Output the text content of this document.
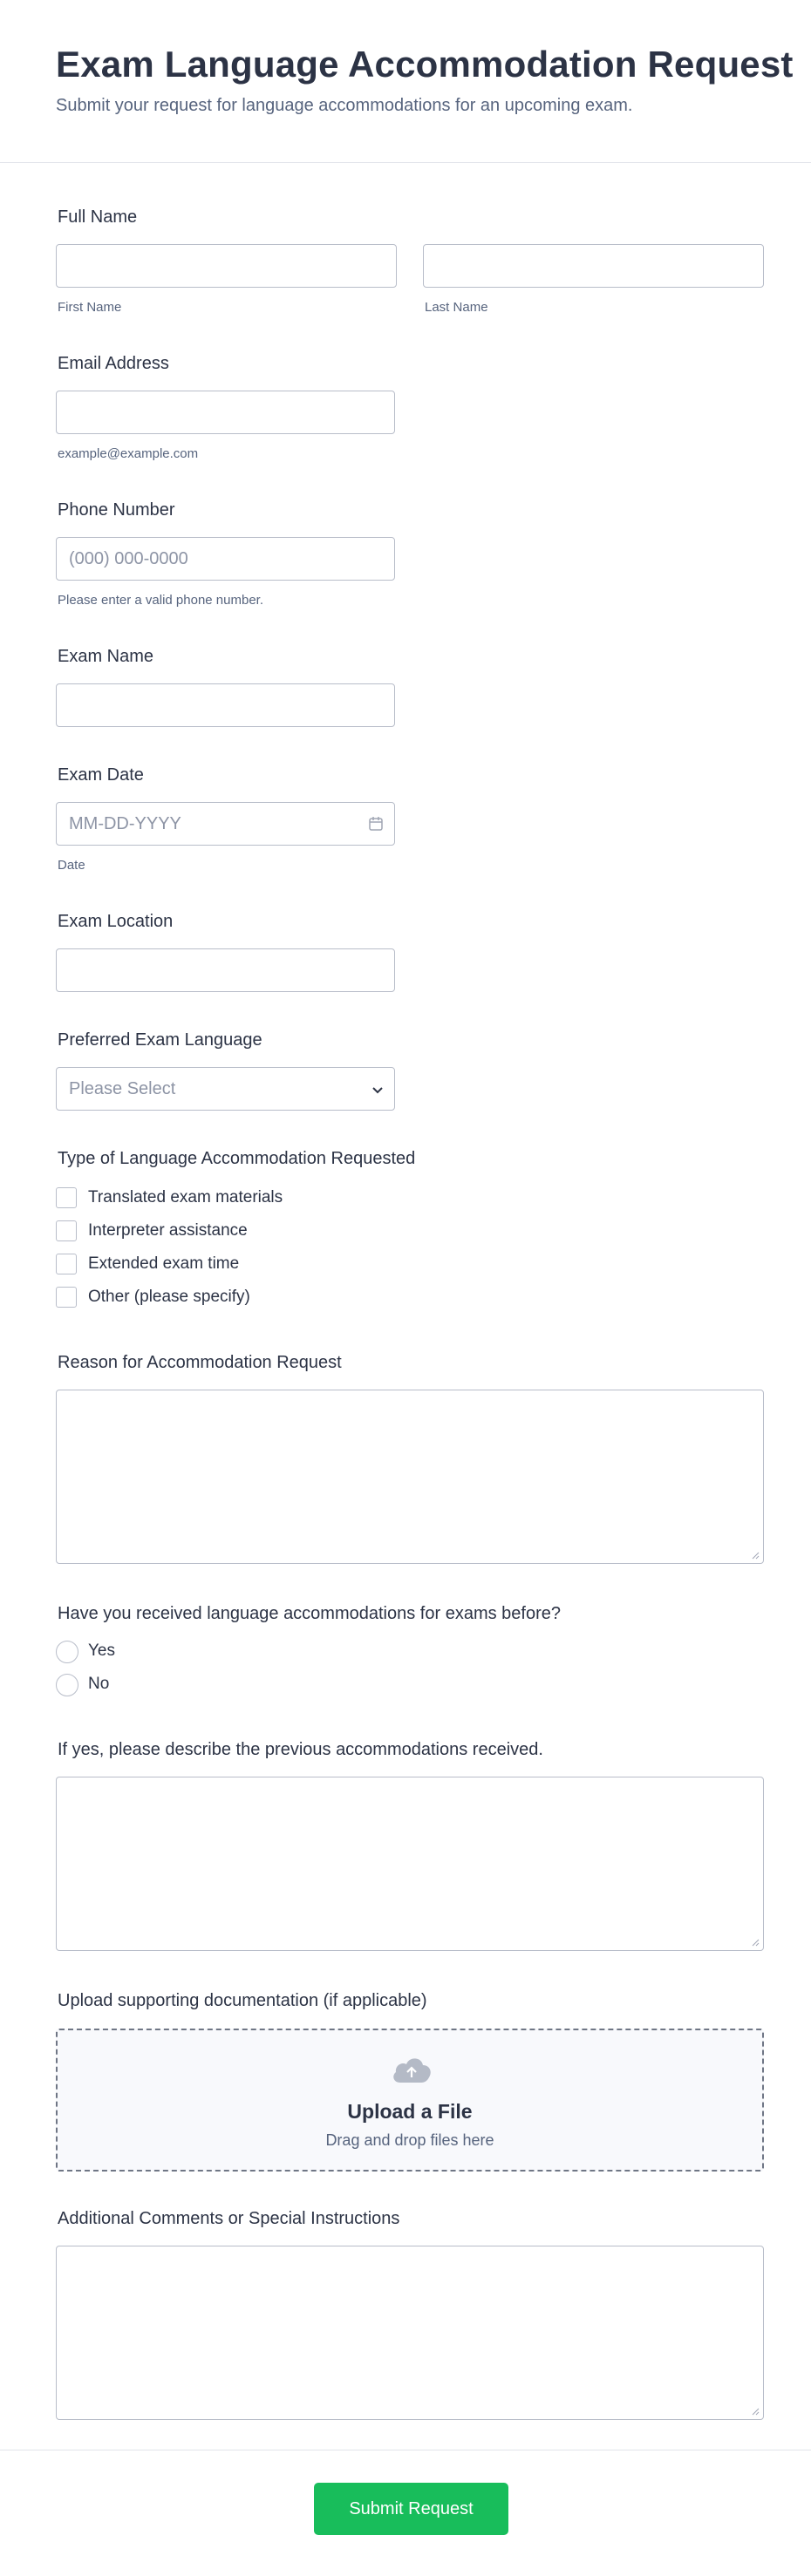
Exam Language Accommodation Request
Submit your request for language accommodations for an upcoming exam.
Full Name
First Name	Last Name
Email Address
example@example.com
Phone Number
(000) 000-0000
Please enter a valid phone number.
Exam Name
Exam Date
MM-DD-YYYY
Date
Exam Location
Preferred Exam Language
Please Select
Type of Language Accommodation Requested
Translated exam materials
Interpreter assistance
Extended exam time
Other (please specify)
Reason for Accommodation Request
Have you received language accommodations for exams before?
Yes
No
If yes, please describe the previous accommodations received.
Upload supporting documentation (if applicable)
Upload a File
Drag and drop files here
Additional Comments or Special Instructions
Submit Request
